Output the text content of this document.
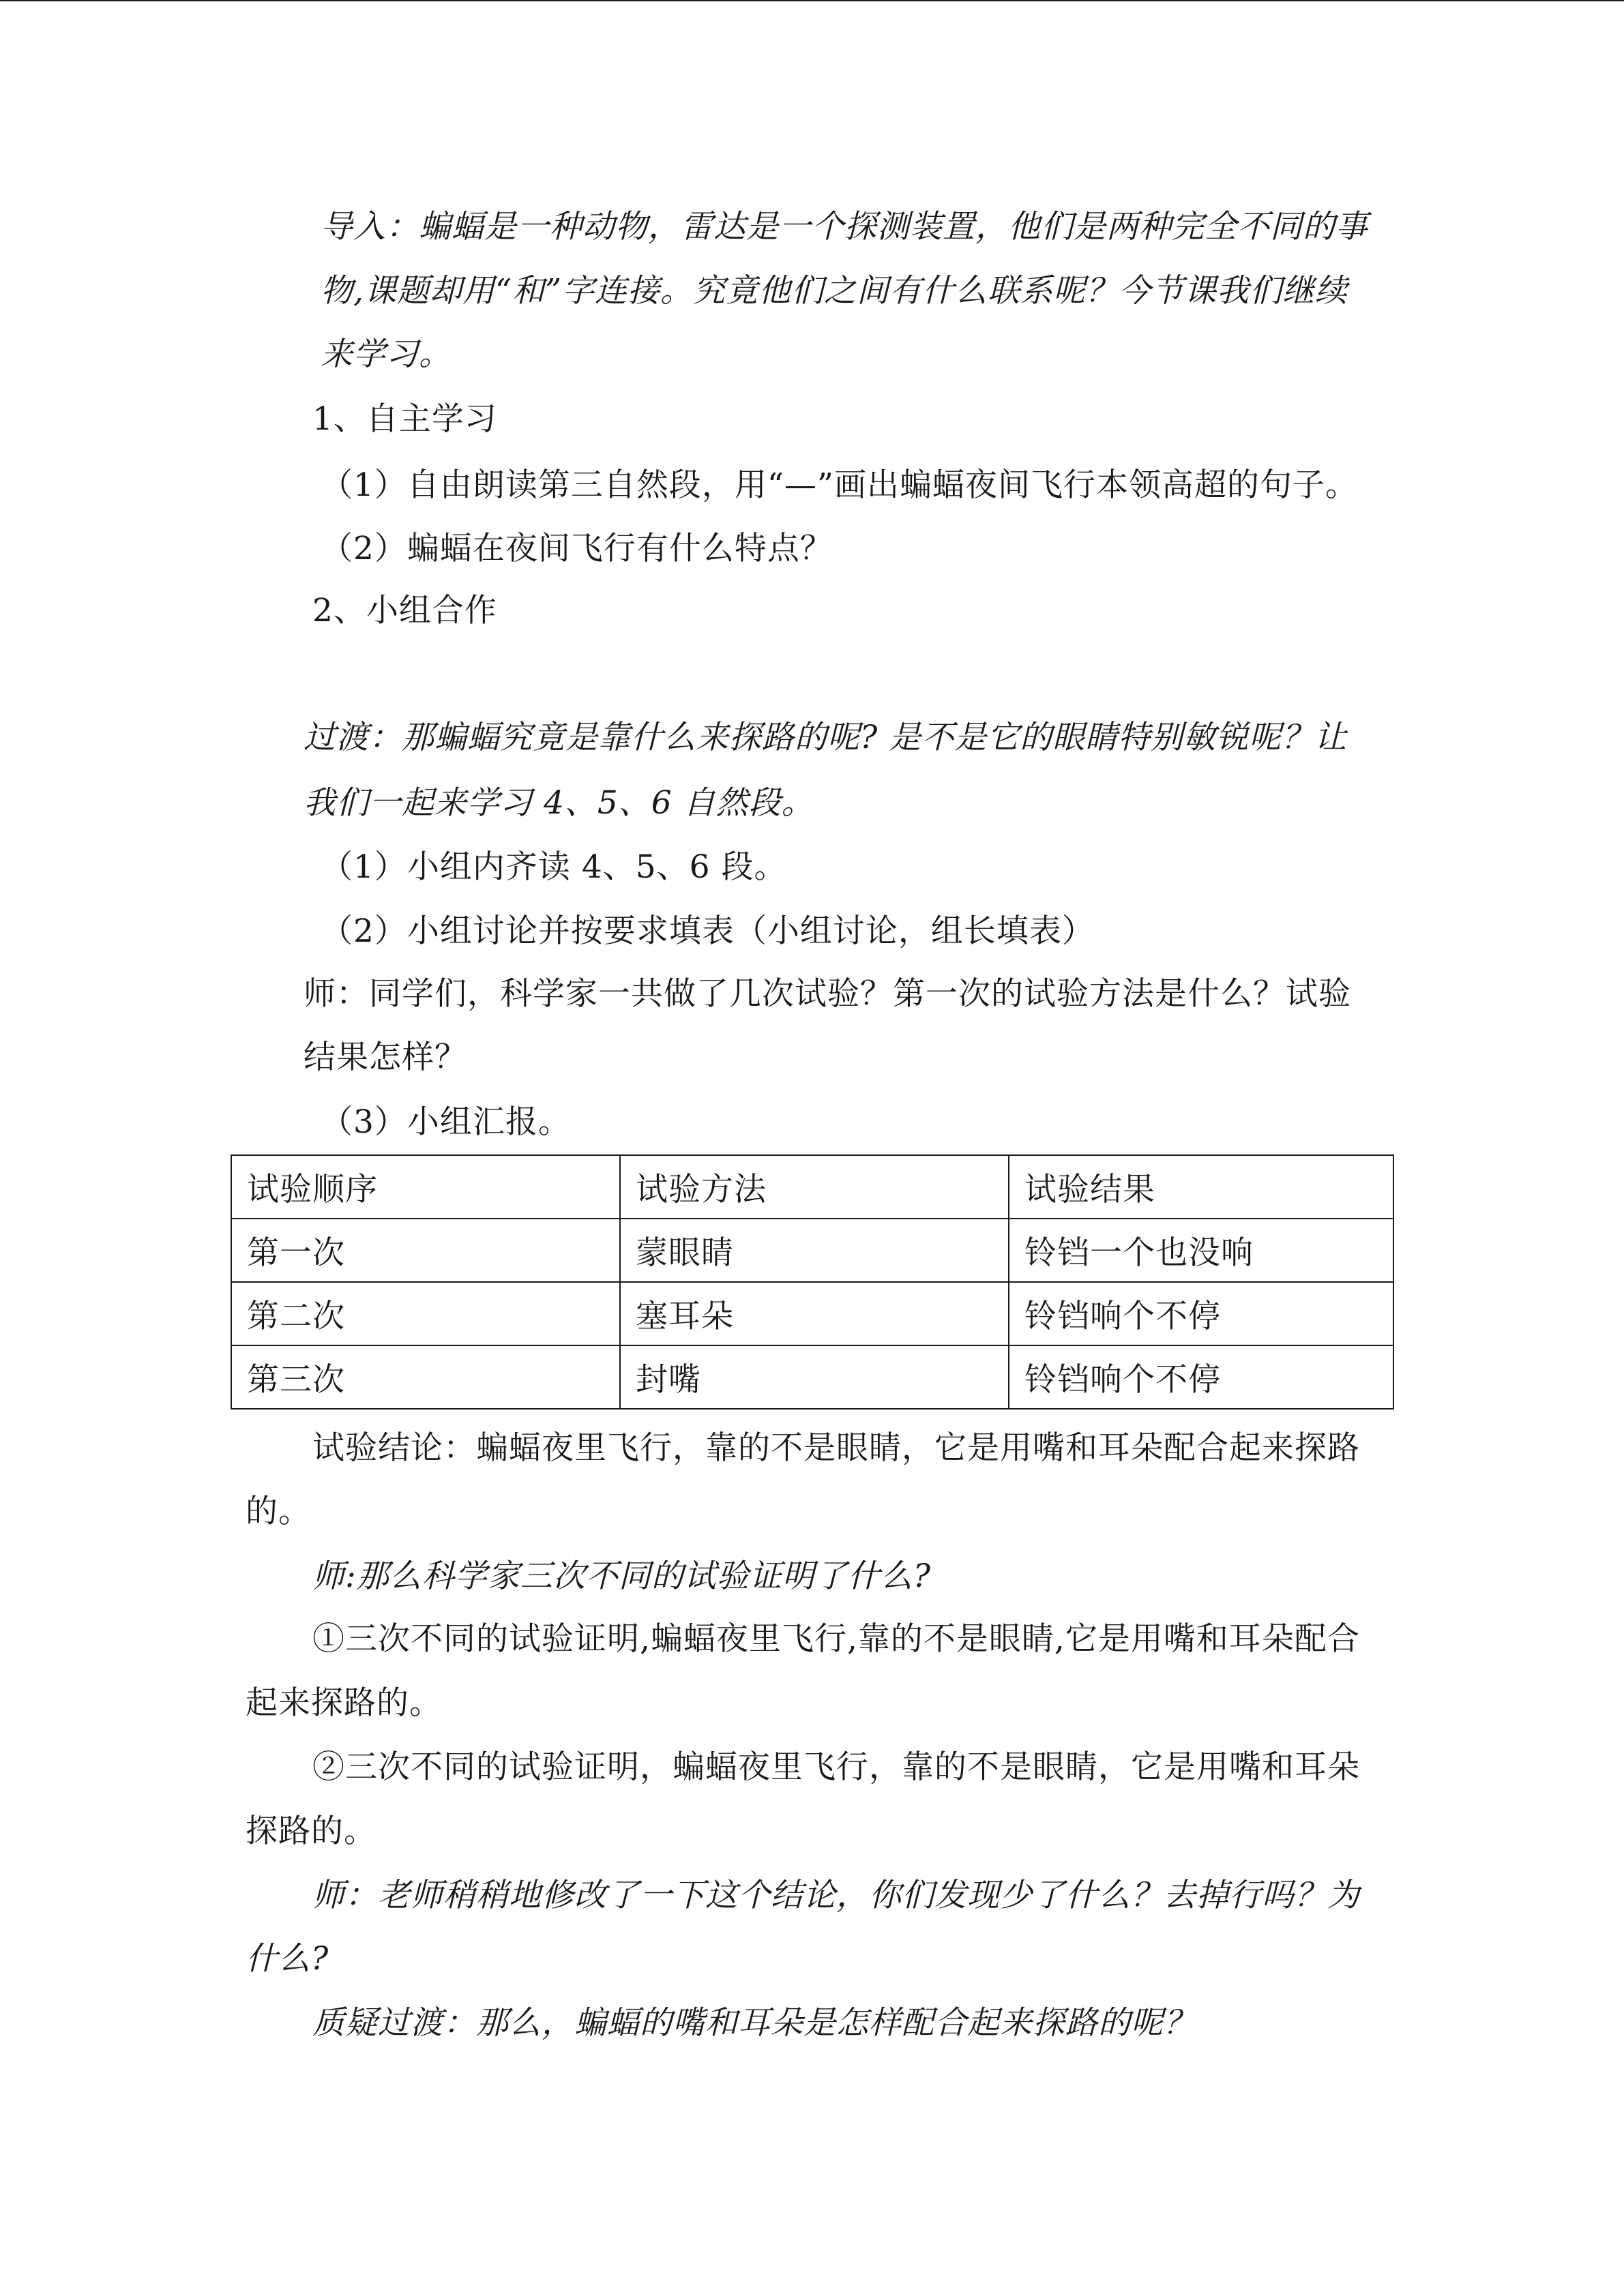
导入：蝙蝠是一种动物，雷达是一个探测装置，他们是两种完全不同的事
物,课题却用“和”字连接。究竟他们之间有什么联系呢？今节课我们继续
来学习。
1、自主学习
（1）自由朗读第三自然段，用“—”画出蝙蝠夜间飞行本领高超的句子。
（2）蝙蝠在夜间飞行有什么特点？
2、小组合作
过渡：那蝙蝠究竟是靠什么来探路的呢? 是不是它的眼睛特别敏锐呢？让
我们一起来学习 4、5、6 自然段。
（1）小组内齐读 4、5、6 段。
（2）小组讨论并按要求填表（小组讨论，组长填表）
师：同学们，科学家一共做了几次试验？第一次的试验方法是什么？试验
结果怎样？
（3）小组汇报。
试验顺序	试验方法	试验结果
第一次	蒙眼睛	铃铛一个也没响
第二次	塞耳朵	铃铛响个不停
第三次	封嘴	铃铛响个不停
试验结论：蝙蝠夜里飞行，靠的不是眼睛，它是用嘴和耳朵配合起来探路
的。
师:那么科学家三次不同的试验证明了什么?
①三次不同的试验证明,蝙蝠夜里飞行,靠的不是眼睛,它是用嘴和耳朵配合
起来探路的。
②三次不同的试验证明，蝙蝠夜里飞行，靠的不是眼睛，它是用嘴和耳朵
探路的。
师：老师稍稍地修改了一下这个结论，你们发现少了什么？去掉行吗？为
什么?
质疑过渡：那么，蝙蝠的嘴和耳朵是怎样配合起来探路的呢？
